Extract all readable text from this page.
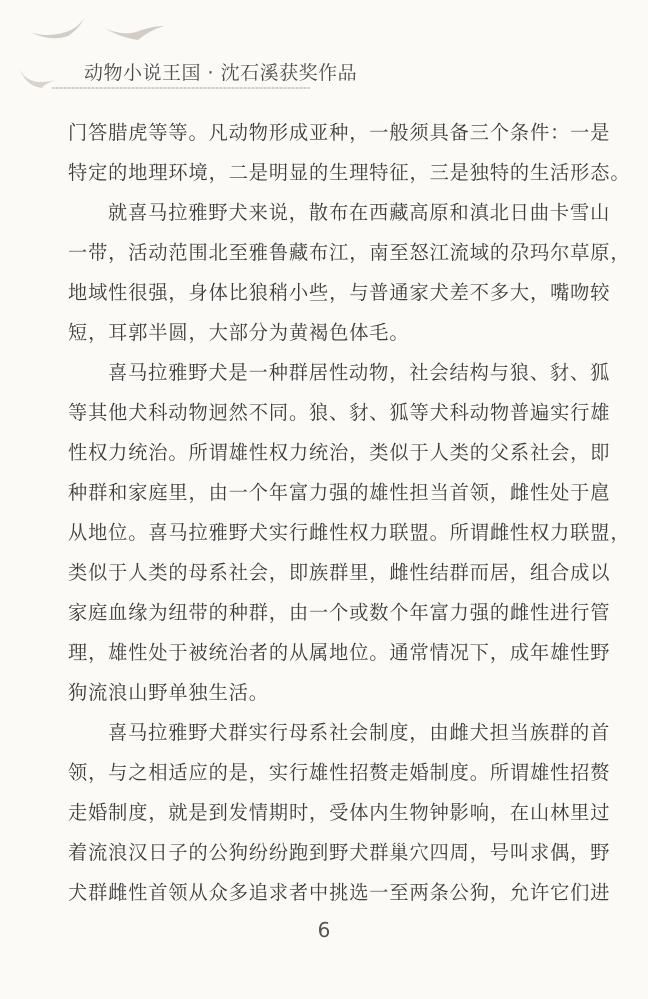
动物小说王国 · 沈石溪获奖作品
门答腊虎等等。凡动物形成亚种，一般须具备三个条件：一是
特定的地理环境，二是明显的生理特征，三是独特的生活形态。
就喜马拉雅野犬来说，散布在西藏高原和滇北日曲卡雪山
一带，活动范围北至雅鲁藏布江，南至怒江流域的尕玛尔草原，
地域性很强，身体比狼稍小些，与普通家犬差不多大，嘴吻较
短，耳郭半圆，大部分为黄褐色体毛。
喜马拉雅野犬是一种群居性动物，社会结构与狼、豺、狐
等其他犬科动物迥然不同。狼、豺、狐等犬科动物普遍实行雄
性权力统治。所谓雄性权力统治，类似于人类的父系社会，即
种群和家庭里，由一个年富力强的雄性担当首领，雌性处于扈
从地位。喜马拉雅野犬实行雌性权力联盟。所谓雌性权力联盟，
类似于人类的母系社会，即族群里，雌性结群而居，组合成以
家庭血缘为纽带的种群，由一个或数个年富力强的雌性进行管
理，雄性处于被统治者的从属地位。通常情况下，成年雄性野
狗流浪山野单独生活。
喜马拉雅野犬群实行母系社会制度，由雌犬担当族群的首
领，与之相适应的是，实行雄性招赘走婚制度。所谓雄性招赘
走婚制度，就是到发情期时，受体内生物钟影响，在山林里过
着流浪汉日子的公狗纷纷跑到野犬群巢穴四周，号叫求偶，野
犬群雌性首领从众多追求者中挑选一至两条公狗，允许它们进
6
